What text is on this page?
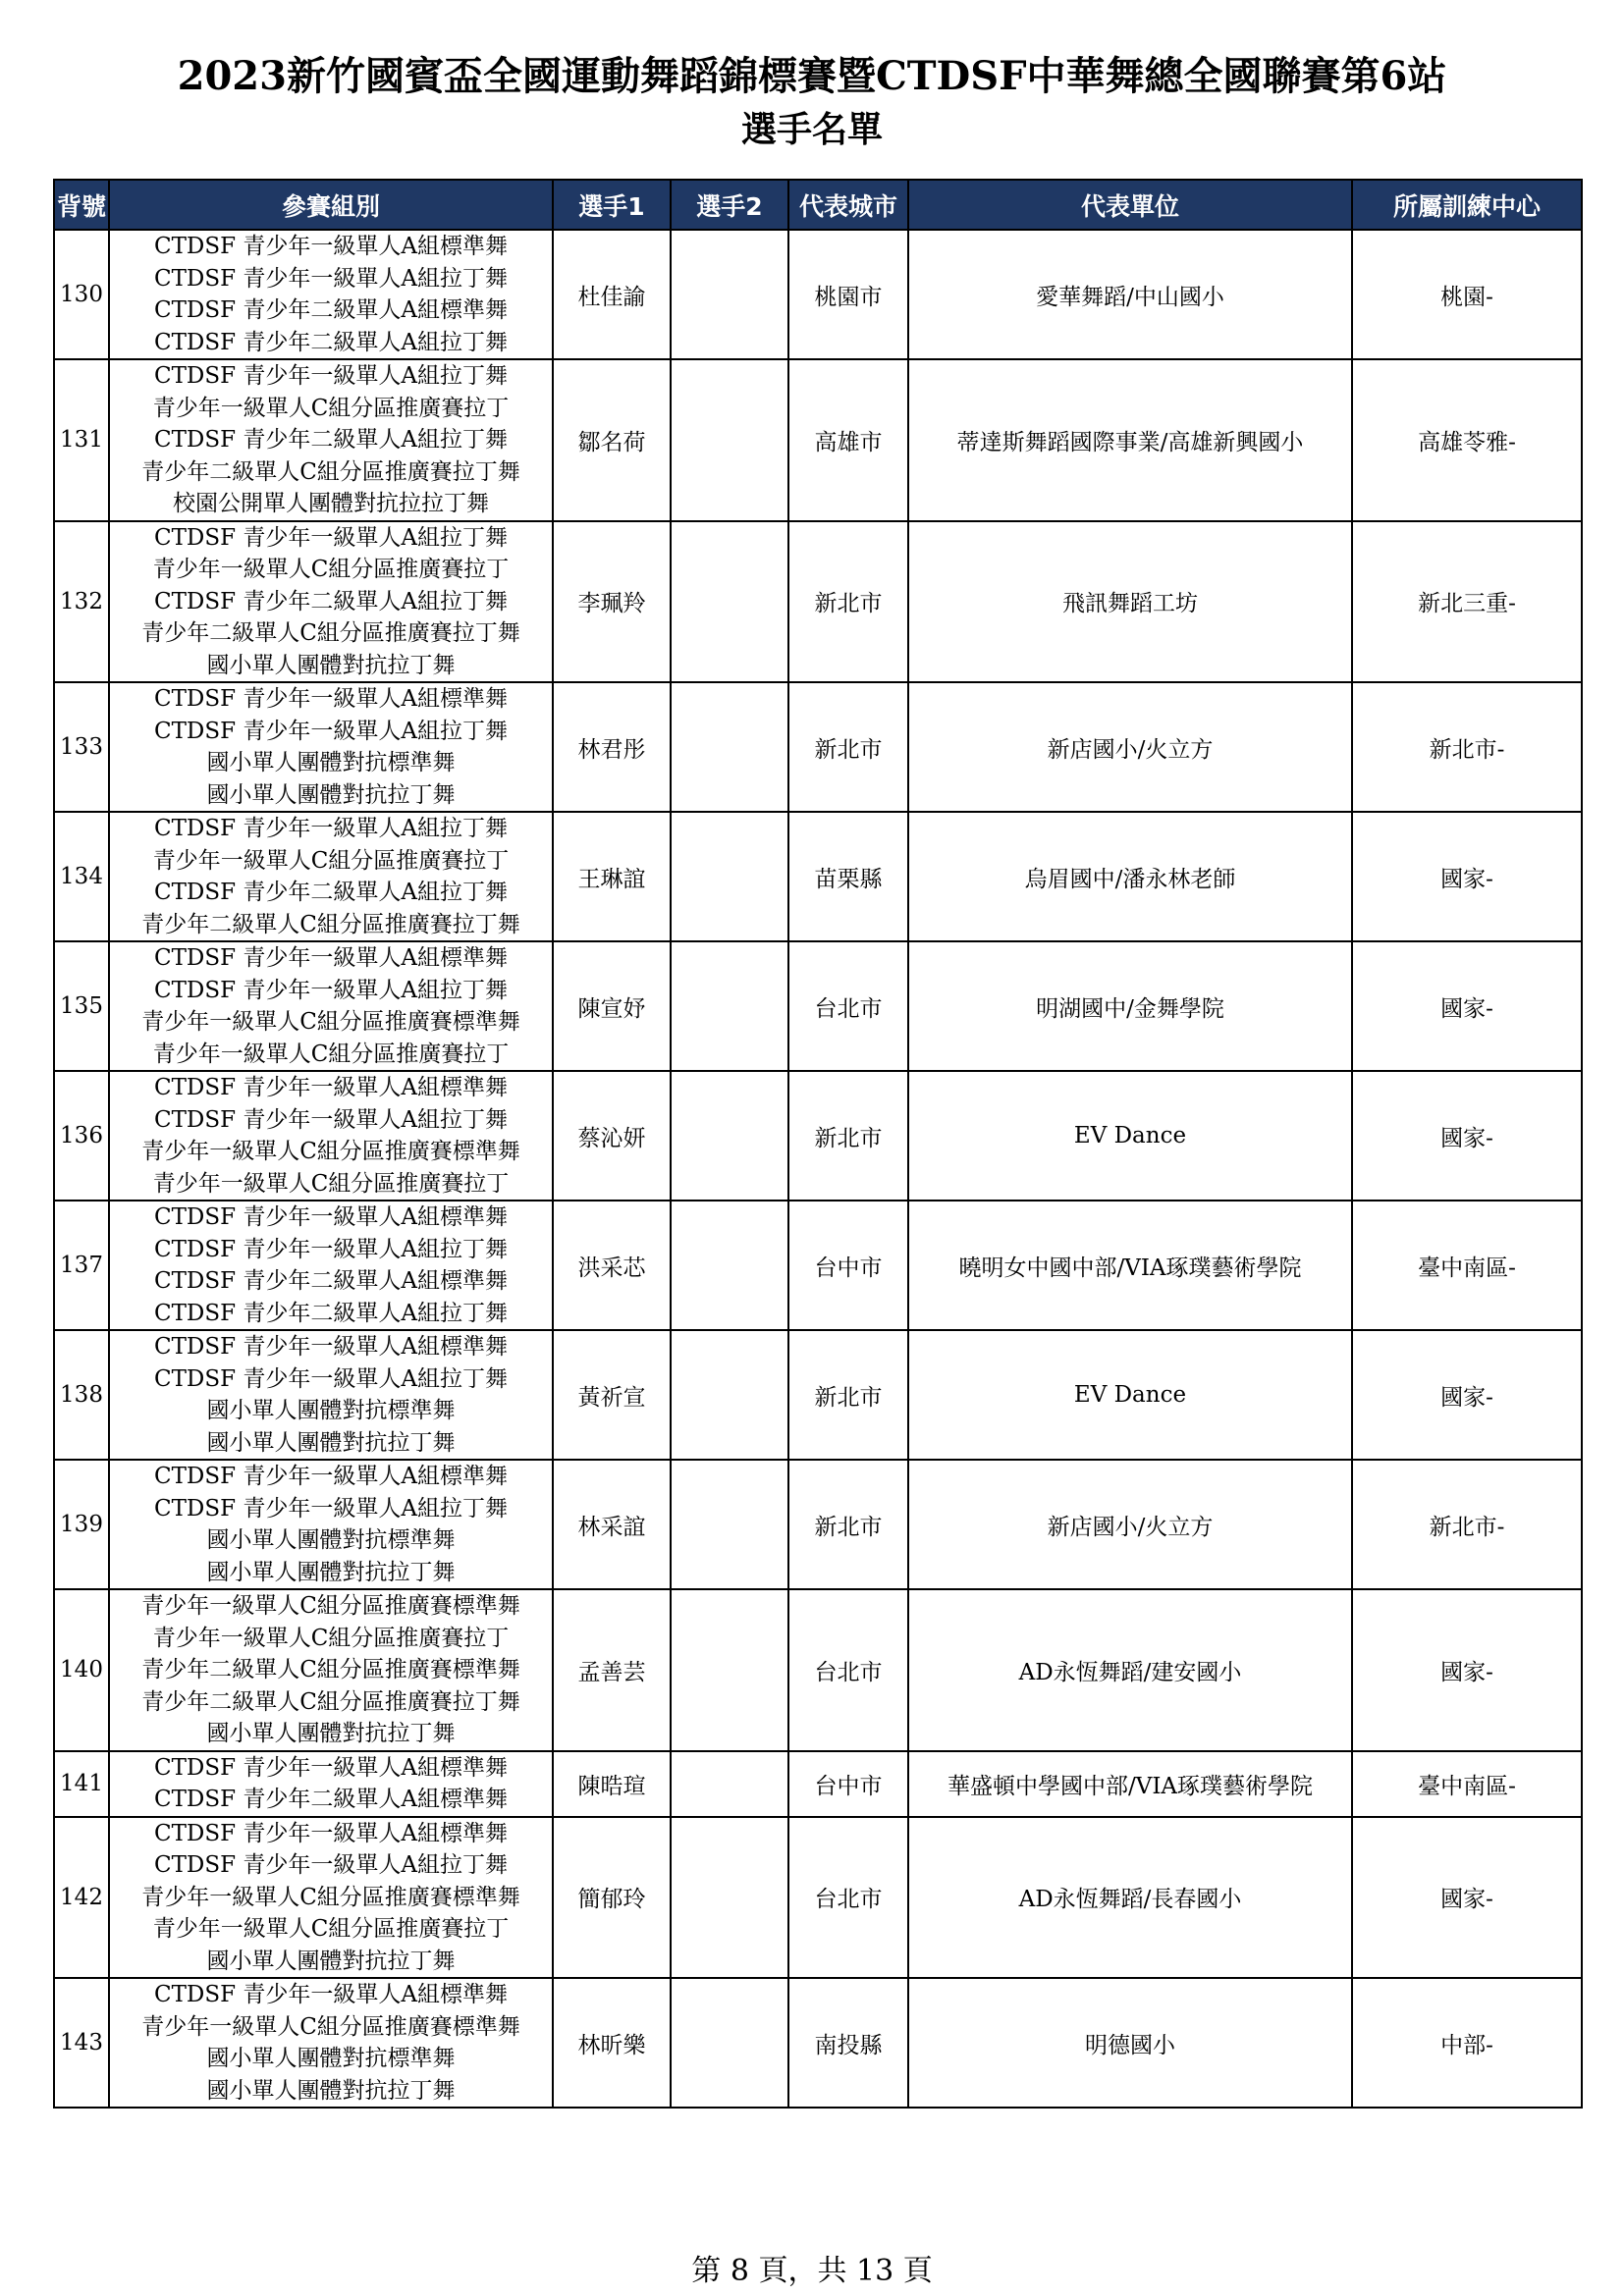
2023新竹國賓盃全國運動舞蹈錦標賽暨CTDSF中華舞總全國聯賽第6站
選手名單
背號	參賽組別	選手1	選手2	代表城市	代表單位	所屬訓練中心
130	CTDSF 青少年一級單人A組標準舞
CTDSF 青少年一級單人A組拉丁舞
CTDSF 青少年二級單人A組標準舞
CTDSF 青少年二級單人A組拉丁舞	杜佳諭		桃園市	愛華舞蹈/中山國小	桃園-
131	CTDSF 青少年一級單人A組拉丁舞
青少年一級單人C組分區推廣賽拉丁
CTDSF 青少年二級單人A組拉丁舞
青少年二級單人C組分區推廣賽拉丁舞
校園公開單人團體對抗拉拉丁舞	鄒名荷		高雄市	蒂達斯舞蹈國際事業/高雄新興國小	高雄苓雅-
132	CTDSF 青少年一級單人A組拉丁舞
青少年一級單人C組分區推廣賽拉丁
CTDSF 青少年二級單人A組拉丁舞
青少年二級單人C組分區推廣賽拉丁舞
國小單人團體對抗拉丁舞	李珮羚		新北市	飛訊舞蹈工坊	新北三重-
133	CTDSF 青少年一級單人A組標準舞
CTDSF 青少年一級單人A組拉丁舞
國小單人團體對抗標準舞
國小單人團體對抗拉丁舞	林君彤		新北市	新店國小/火立方	新北市-
134	CTDSF 青少年一級單人A組拉丁舞
青少年一級單人C組分區推廣賽拉丁
CTDSF 青少年二級單人A組拉丁舞
青少年二級單人C組分區推廣賽拉丁舞	王琳誼		苗栗縣	烏眉國中/潘永林老師	國家-
135	CTDSF 青少年一級單人A組標準舞
CTDSF 青少年一級單人A組拉丁舞
青少年一級單人C組分區推廣賽標準舞
青少年一級單人C組分區推廣賽拉丁	陳宣妤		台北市	明湖國中/金舞學院	國家-
136	CTDSF 青少年一級單人A組標準舞
CTDSF 青少年一級單人A組拉丁舞
青少年一級單人C組分區推廣賽標準舞
青少年一級單人C組分區推廣賽拉丁	蔡沁妍		新北市	EV Dance	國家-
137	CTDSF 青少年一級單人A組標準舞
CTDSF 青少年一級單人A組拉丁舞
CTDSF 青少年二級單人A組標準舞
CTDSF 青少年二級單人A組拉丁舞	洪采芯		台中市	曉明女中國中部/VIA琢璞藝術學院	臺中南區-
138	CTDSF 青少年一級單人A組標準舞
CTDSF 青少年一級單人A組拉丁舞
國小單人團體對抗標準舞
國小單人團體對抗拉丁舞	黃祈宣		新北市	EV Dance	國家-
139	CTDSF 青少年一級單人A組標準舞
CTDSF 青少年一級單人A組拉丁舞
國小單人團體對抗標準舞
國小單人團體對抗拉丁舞	林采誼		新北市	新店國小/火立方	新北市-
140	青少年一級單人C組分區推廣賽標準舞
青少年一級單人C組分區推廣賽拉丁
青少年二級單人C組分區推廣賽標準舞
青少年二級單人C組分區推廣賽拉丁舞
國小單人團體對抗拉丁舞	孟善芸		台北市	AD永恆舞蹈/建安國小	國家-
141	CTDSF 青少年一級單人A組標準舞
CTDSF 青少年二級單人A組標準舞	陳晧瑄		台中市	華盛頓中學國中部/VIA琢璞藝術學院	臺中南區-
142	CTDSF 青少年一級單人A組標準舞
CTDSF 青少年一級單人A組拉丁舞
青少年一級單人C組分區推廣賽標準舞
青少年一級單人C組分區推廣賽拉丁
國小單人團體對抗拉丁舞	簡郁玲		台北市	AD永恆舞蹈/長春國小	國家-
143	CTDSF 青少年一級單人A組標準舞
青少年一級單人C組分區推廣賽標準舞
國小單人團體對抗標準舞
國小單人團體對抗拉丁舞	林昕樂		南投縣	明德國小	中部-
第 8 頁，共 13 頁
